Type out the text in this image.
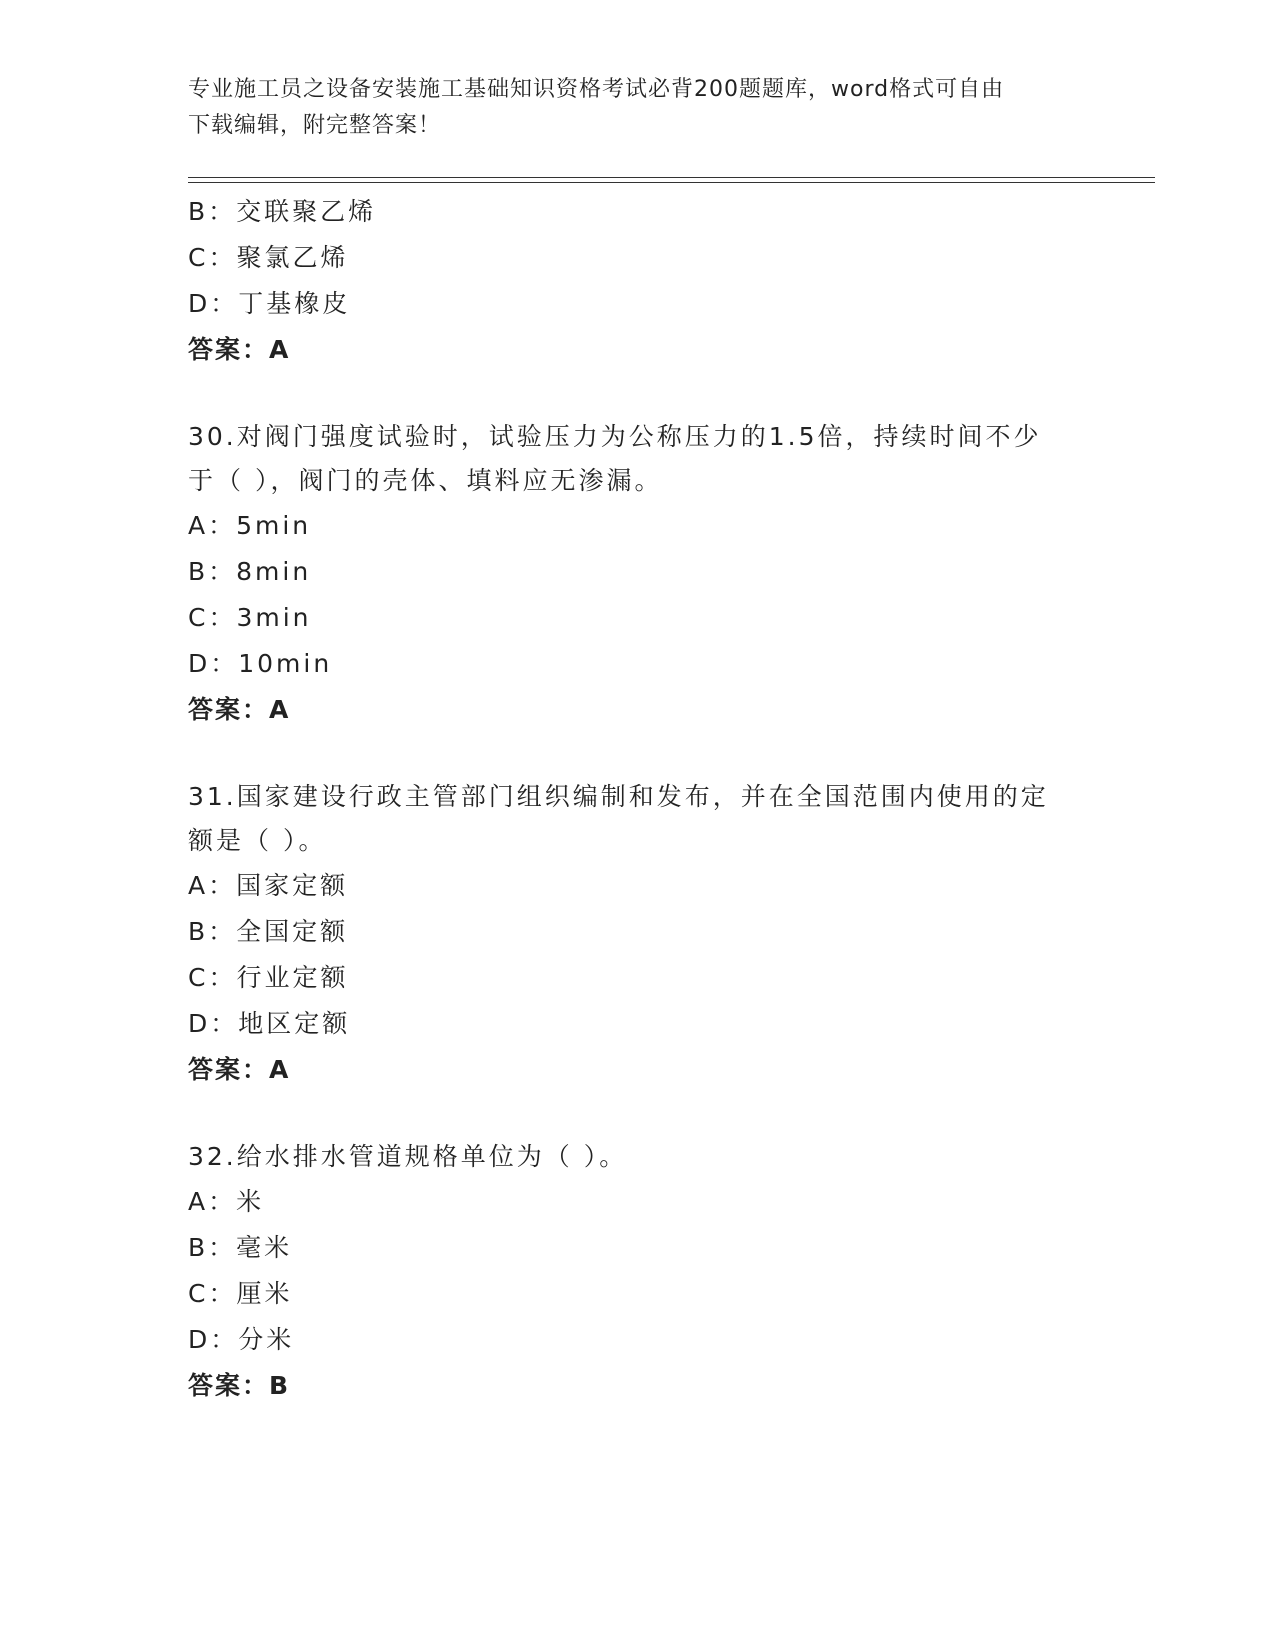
专业施工员之设备安装施工基础知识资格考试必背200题题库，word格式可自由
下载编辑，附完整答案！
B：交联聚乙烯
C：聚氯乙烯
D：丁基橡皮
答案：A
30.对阀门强度试验时，试验压力为公称压力的1.5倍，持续时间不少
于（ ），阀门的壳体、填料应无渗漏。
A：5min
B：8min
C：3min
D：10min
答案：A
31.国家建设行政主管部门组织编制和发布，并在全国范围内使用的定
额是（ ）。
A：国家定额
B：全国定额
C：行业定额
D：地区定额
答案：A
32.给水排水管道规格单位为（ ）。
A：米
B：毫米
C：厘米
D：分米
答案：B
